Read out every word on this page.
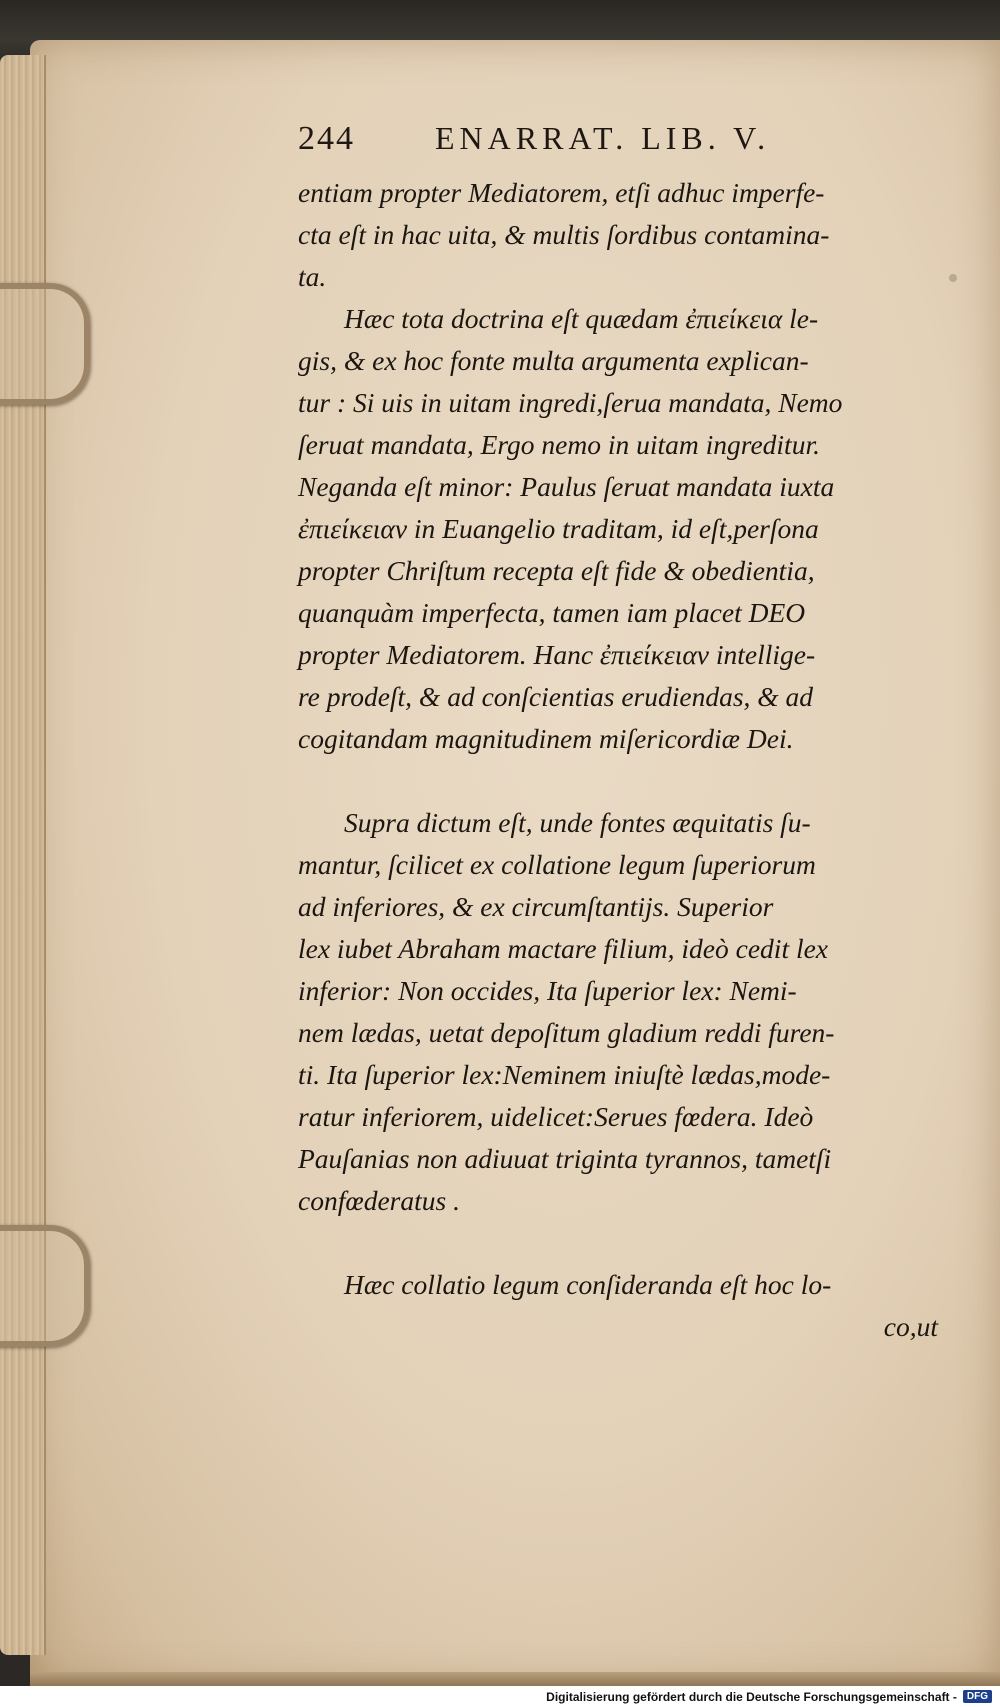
244	ENARRAT. LIB. V.
entiam propter Mediatorem, etſi adhuc imperfe-
cta eſt in hac uita, & multis ſordibus contamina-
ta.
Hæc tota doctrina eſt quædam ἐπιείκεια le-
gis, & ex hoc fonte multa argumenta explican-
tur : Si uis in uitam ingredi,ſerua mandata, Nemo
ſeruat mandata, Ergo nemo in uitam ingreditur.
Neganda eſt minor: Paulus ſeruat mandata iuxta
ἐπιείκειαν in Euangelio traditam, id eſt,perſona
propter Chriſtum recepta eſt fide & obedientia,
quanquàm imperfecta, tamen iam placet DEO
propter Mediatorem. Hanc ἐπιείκειαν intellige-
re prodeſt, & ad conſcientias erudiendas, & ad
cogitandam magnitudinem miſericordiæ Dei.
Supra dictum eſt, unde fontes æquitatis ſu-
mantur, ſcilicet ex collatione legum ſuperiorum
ad inferiores, & ex circumſtantijs. Superior
lex iubet Abraham mactare filium, ideò cedit lex
inferior: Non occides, Ita ſuperior lex: Nemi-
nem lædas, uetat depoſitum gladium reddi furen-
ti. Ita ſuperior lex:Neminem iniuſtè lædas,mode-
ratur inferiorem, uidelicet:Serues fœdera. Ideò
Pauſanias non adiuuat triginta tyrannos, tametſi
confœderatus .
Hæc collatio legum conſideranda eſt hoc lo-
co,ut
Digitalisierung gefördert durch die Deutsche Forschungsgemeinschaft -	DFG
